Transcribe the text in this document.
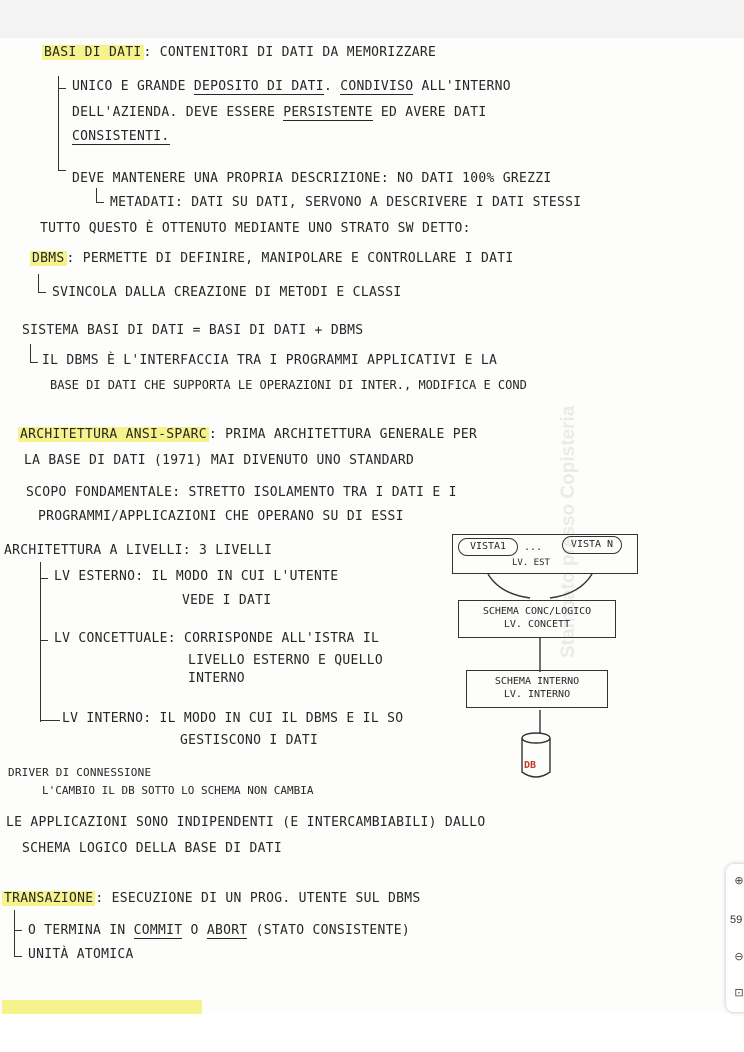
BASI DI DATI : CONTENITORI DI DATI DA MEMORIZZARE
UNICO E GRANDE DEPOSITO DI DATI. CONDIVISO ALL'INTERNO
DELL'AZIENDA. DEVE ESSERE PERSISTENTE ED AVERE DATI
CONSISTENTI.
DEVE MANTENERE UNA PROPRIA DESCRIZIONE: NO DATI 100% GREZZI
METADATI: DATI SU DATI, SERVONO A DESCRIVERE I DATI STESSI
TUTTO QUESTO È OTTENUTO MEDIANTE UNO STRATO SW DETTO:
DBMS : PERMETTE DI DEFINIRE, MANIPOLARE E CONTROLLARE I DATI
SVINCOLA DALLA CREAZIONE DI METODI E CLASSI
SISTEMA BASI DI DATI = BASI DI DATI + DBMS
IL DBMS È L'INTERFACCIA TRA I PROGRAMMI APPLICATIVI E LA
BASE DI DATI CHE SUPPORTA LE OPERAZIONI DI INTER., MODIFICA E COND
ARCHITETTURA ANSI-SPARC : PRIMA ARCHITETTURA GENERALE PER
LA BASE DI DATI (1971) MAI DIVENUTO UNO STANDARD
SCOPO FONDAMENTALE: STRETTO ISOLAMENTO TRA I DATI E I
PROGRAMMI/APPLICAZIONI CHE OPERANO SU DI ESSI
ARCHITETTURA A LIVELLI: 3 LIVELLI
LV ESTERNO: IL MODO IN CUI L'UTENTE
VEDE I DATI
LV CONCETTUALE: CORRISPONDE ALL'ISTRA IL
LIVELLO ESTERNO E QUELLO
INTERNO
LV INTERNO: IL MODO IN CUI IL DBMS E IL SO
GESTISCONO I DATI
DRIVER DI CONNESSIONE
L'CAMBIO IL DB SOTTO LO SCHEMA NON CAMBIA
LE APPLICAZIONI SONO INDIPENDENTI (E INTERCAMBIABILI) DALLO
SCHEMA LOGICO DELLA BASE DI DATI
TRANSAZIONE : ESECUZIONE DI UN PROG. UTENTE SUL DBMS
O TERMINA IN COMMIT O ABORT (STATO CONSISTENTE)
UNITÀ ATOMICA
VISTA1	...	VISTA N
LV. EST
SCHEMA CONC/LOGICO
LV. CONCETT
SCHEMA INTERNO
LV. INTERNO
DB
Stampato presso Copisteria
⊕
59
⊖
⊡
